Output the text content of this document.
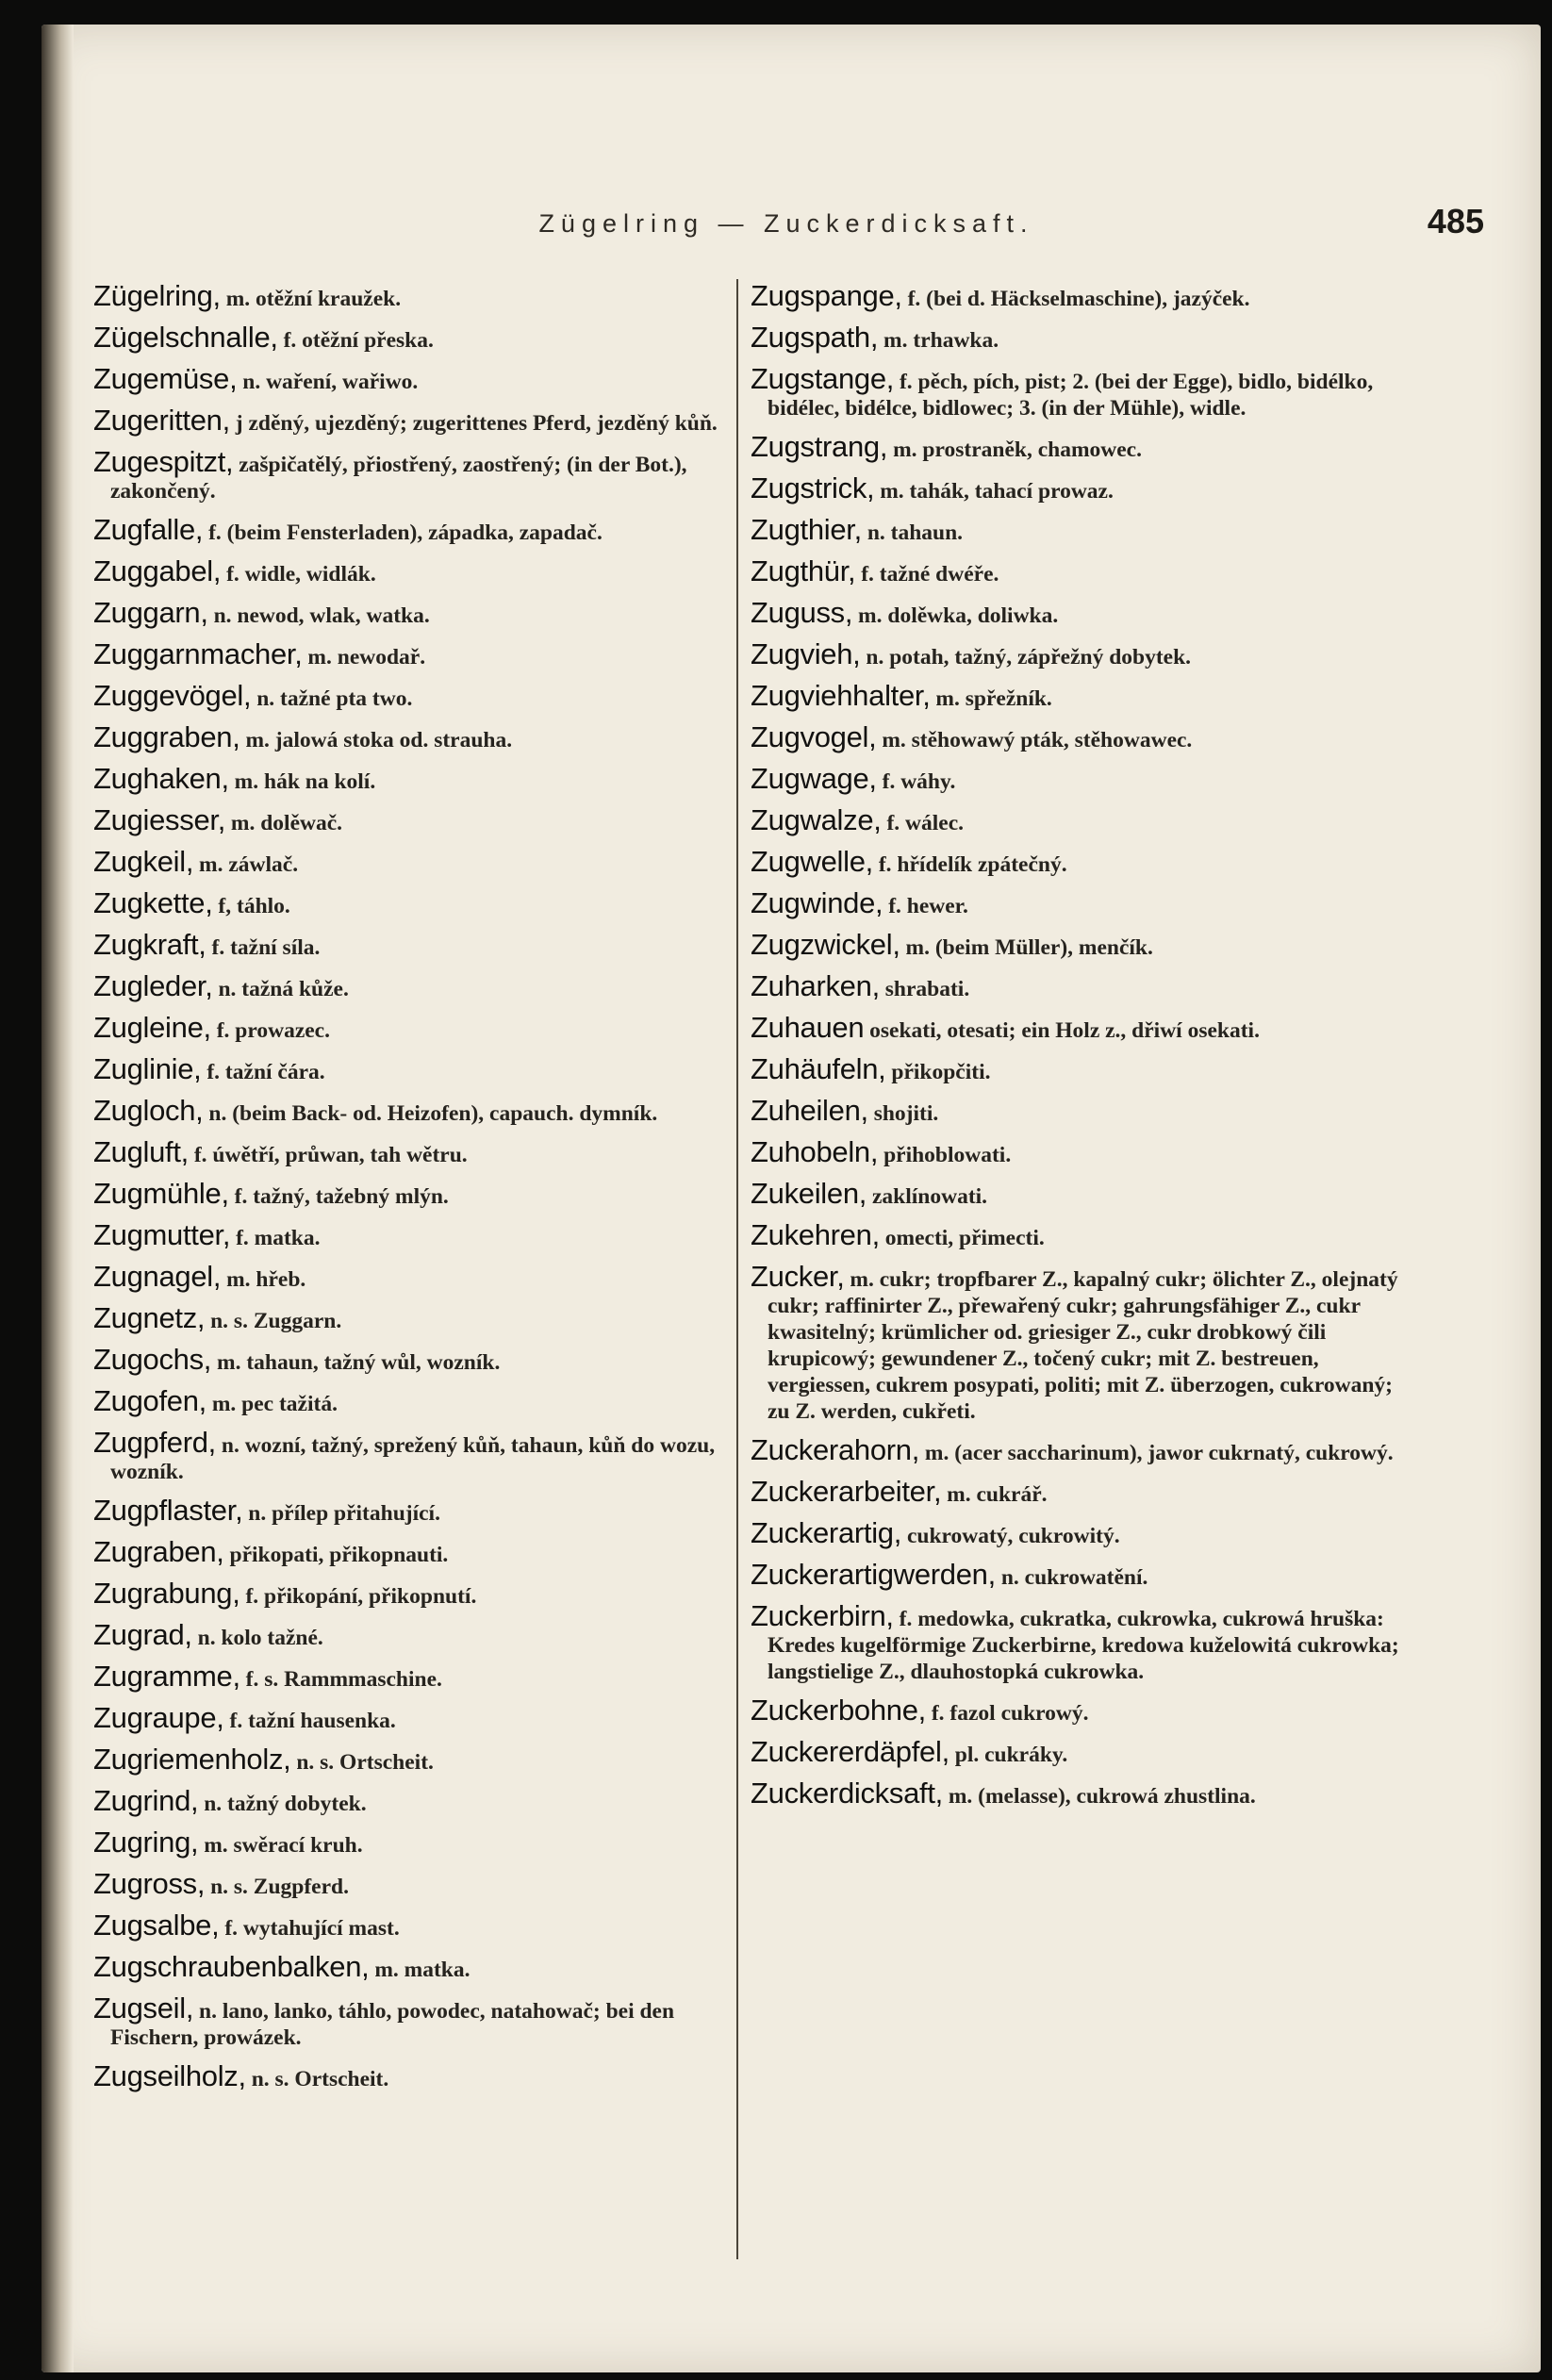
Zügelring — Zuckerdicksaft.	485
Zügelring, m. otěžní kraužek.
Zügelschnalle, f. otěžní přeska.
Zugemüse, n. waření, wařiwo.
Zugeritten, j zděný, ujezděný; zugerittenes Pferd, jezděný kůň.
Zugespitzt, zašpičatělý, přiostřený, zaostřený; (in der Bot.), zakončený.
Zugfalle, f. (beim Fensterladen), západka, zapadač.
Zuggabel, f. widle, widlák.
Zuggarn, n. newod, wlak, watka.
Zuggarnmacher, m. newodař.
Zuggevögel, n. tažné pta two.
Zuggraben, m. jalowá stoka od. strauha.
Zughaken, m. hák na kolí.
Zugiesser, m. dolěwač.
Zugkeil, m. záwlač.
Zugkette, f, táhlo.
Zugkraft, f. tažní síla.
Zugleder, n. tažná kůže.
Zugleine, f. prowazec.
Zuglinie, f. tažní čára.
Zugloch, n. (beim Back- od. Heizofen), capauch. dymník.
Zugluft, f. úwětří, průwan, tah wětru.
Zugmühle, f. tažný, tažebný mlýn.
Zugmutter, f. matka.
Zugnagel, m. hřeb.
Zugnetz, n. s. Zuggarn.
Zugochs, m. tahaun, tažný wůl, wozník.
Zugofen, m. pec tažitá.
Zugpferd, n. wozní, tažný, sprežený kůň, tahaun, kůň do wozu, wozník.
Zugpflaster, n. přílep přitahující.
Zugraben, přikopati, přikopnauti.
Zugrabung, f. přikopání, přikopnutí.
Zugrad, n. kolo tažné.
Zugramme, f. s. Rammmaschine.
Zugraupe, f. tažní hausenka.
Zugriemenholz, n. s. Ortscheit.
Zugrind, n. tažný dobytek.
Zugring, m. swěrací kruh.
Zugross, n. s. Zugpferd.
Zugsalbe, f. wytahující mast.
Zugschraubenbalken, m. matka.
Zugseil, n. lano, lanko, táhlo, powodec, natahowač; bei den Fischern, prowázek.
Zugseilholz, n. s. Ortscheit.
Zugspange, f. (bei d. Häckselmaschine), jazýček.
Zugspath, m. trhawka.
Zugstange, f. pěch, pích, pist; 2. (bei der Egge), bidlo, bidélko, bidélec, bidélce, bidlowec; 3. (in der Mühle), widle.
Zugstrang, m. prostraněk, chamowec.
Zugstrick, m. tahák, tahací prowaz.
Zugthier, n. tahaun.
Zugthür, f. tažné dwéře.
Zuguss, m. dolěwka, doliwka.
Zugvieh, n. potah, tažný, zápřežný dobytek.
Zugviehhalter, m. spřežník.
Zugvogel, m. stěhowawý pták, stěhowawec.
Zugwage, f. wáhy.
Zugwalze, f. wálec.
Zugwelle, f. hřídelík zpátečný.
Zugwinde, f. hewer.
Zugzwickel, m. (beim Müller), menčík.
Zuharken, shrabati.
Zuhauen osekati, otesati; ein Holz z., dřiwí osekati.
Zuhäufeln, přikopčiti.
Zuheilen, shojiti.
Zuhobeln, přihoblowati.
Zukeilen, zaklínowati.
Zukehren, omecti, přimecti.
Zucker, m. cukr; tropfbarer Z., kapalný cukr; ölichter Z., olejnatý cukr; raffinirter Z., přewařený cukr; gahrungsfähiger Z., cukr kwasitelný; krümlicher od. griesiger Z., cukr drobkowý čili krupicowý; gewundener Z., točený cukr; mit Z. bestreuen, vergiessen, cukrem posypati, politi; mit Z. überzogen, cukrowaný; zu Z. werden, cukřeti.
Zuckerahorn, m. (acer saccharinum), jawor cukrnatý, cukrowý.
Zuckerarbeiter, m. cukrář.
Zuckerartig, cukrowatý, cukrowitý.
Zuckerartigwerden, n. cukrowatění.
Zuckerbirn, f. medowka, cukratka, cukrowka, cukrowá hruška: Kredes kugelförmige Zuckerbirne, kredowa kuželowitá cukrowka; langstielige Z., dlauhostopká cukrowka.
Zuckerbohne, f. fazol cukrowý.
Zuckererdäpfel, pl. cukráky.
Zuckerdicksaft, m. (melasse), cukrowá zhustlina.
